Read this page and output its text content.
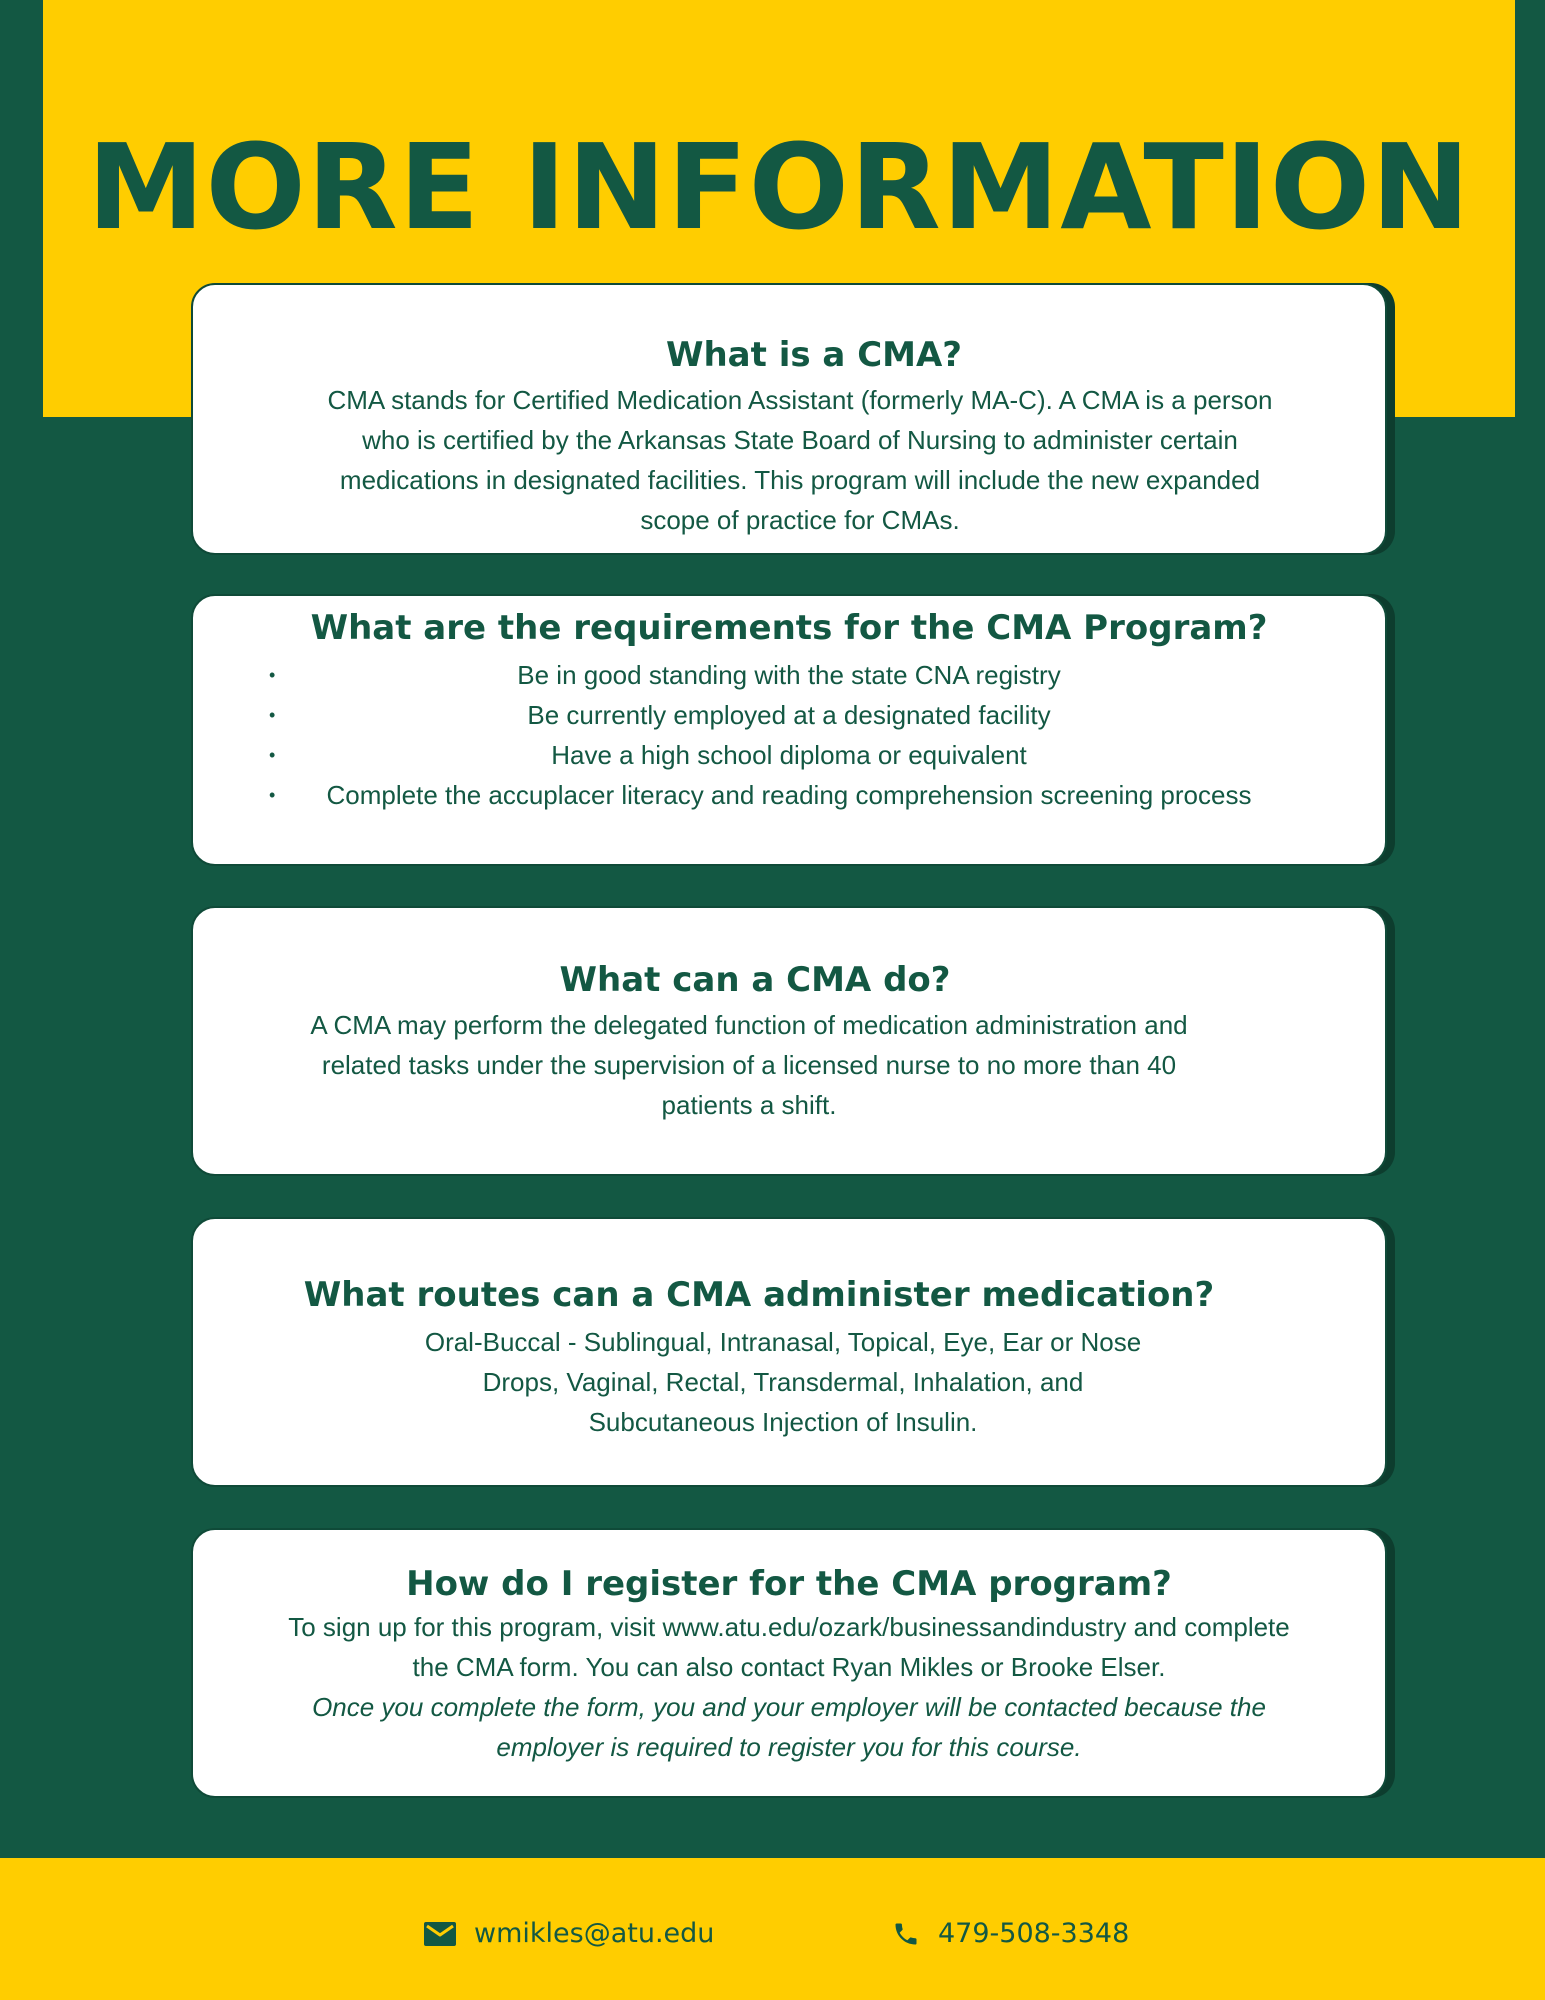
MORE INFORMATION
What is a CMA?

CMA stands for Certified Medication Assistant (formerly MA-C). A CMA is a person who is certified by the Arkansas State Board of Nursing to administer certain medications in designated facilities. This program will include the new expanded scope of practice for CMAs.

What are the requirements for the CMA Program?
•	Be in good standing with the state CNA registry
•	Be currently employed at a designated facility
•	Have a high school diploma or equivalent
• Complete the accuplacer literacy and reading comprehension screening process
What can a CMA do?

A CMA may perform the delegated function of medication administration and related tasks under the supervision of a licensed nurse to no more than 40 patients a shift.

What routes can a CMA administer medication?

Oral-Buccal - Sublingual, Intranasal, Topical, Eye, Ear or Nose Drops, Vaginal, Rectal, Transdermal, Inhalation, and Subcutaneous Injection of Insulin.

How do I register for the CMA program?

To sign up for this program, visit www.atu.edu/ozark/businessandindustry and complete the CMA form. You can also contact Ryan Mikles or Brooke Elser.

Once you complete the form, you and your employer will be contacted because the employer is required to register you for this course.

wmikles@atu.edu	479-508-3348
